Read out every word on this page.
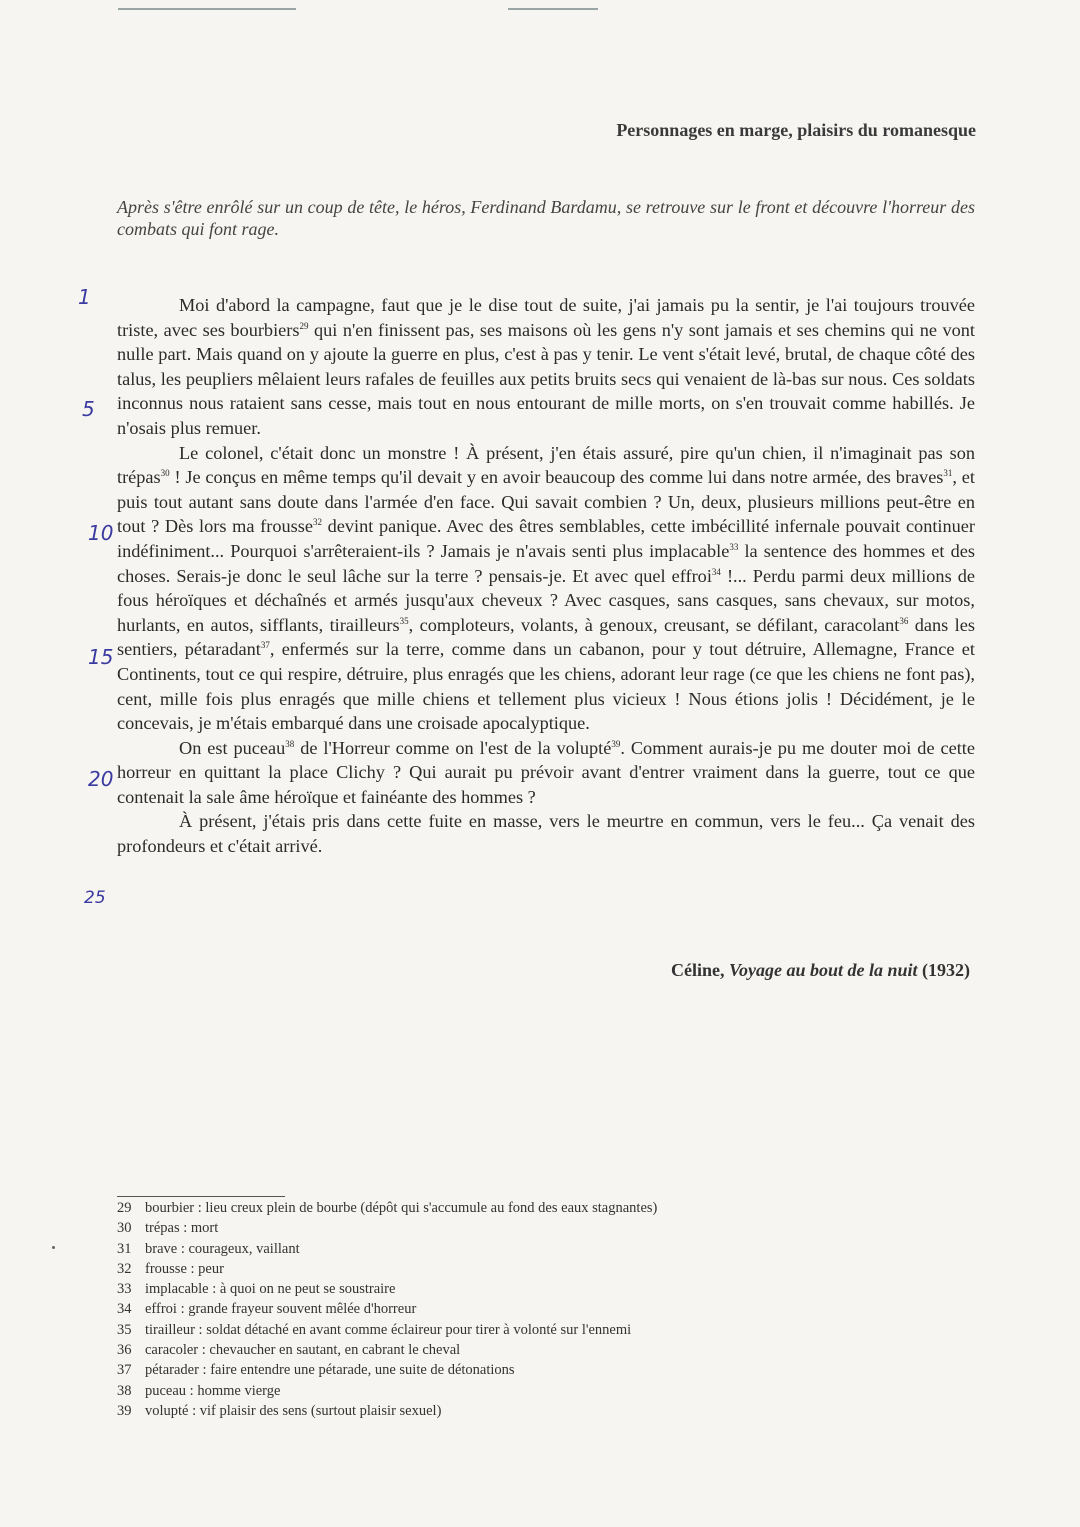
Personnages en marge, plaisirs du romanesque
Après s'être enrôlé sur un coup de tête, le héros, Ferdinand Bardamu, se retrouve sur le front et découvre l'horreur des combats qui font rage.
1
5
10
15
20
25

Moi d'abord la campagne, faut que je le dise tout de suite, j'ai jamais pu la sentir, je l'ai toujours trouvée triste, avec ses bourbiers$^{29}$ qui n'en finissent pas, ses maisons où les gens n'y sont jamais et ses chemins qui ne vont nulle part. Mais quand on y ajoute la guerre en plus, c'est à pas y tenir. Le vent s'était levé, brutal, de chaque côté des talus, les peupliers mêlaient leurs rafales de feuilles aux petits bruits secs qui venaient de là-bas sur nous. Ces soldats inconnus nous rataient sans cesse, mais tout en nous entourant de mille morts, on s'en trouvait comme habillés. Je n'osais plus remuer.

Le colonel, c'était donc un monstre ! À présent, j'en étais assuré, pire qu'un chien, il n'imaginait pas son trépas$^{30}$ ! Je conçus en même temps qu'il devait y en avoir beaucoup des comme lui dans notre armée, des braves$^{31}$, et puis tout autant sans doute dans l'armée d'en face. Qui savait combien ? Un, deux, plusieurs millions peut-être en tout ? Dès lors ma frousse$^{32}$ devint panique. Avec des êtres semblables, cette imbécillité infernale pouvait continuer indéfiniment... Pourquoi s'arrêteraient-ils ? Jamais je n'avais senti plus implacable$^{33}$ la sentence des hommes et des choses. Serais-je donc le seul lâche sur la terre ? pensais-je. Et avec quel effroi$^{34}$ !... Perdu parmi deux millions de fous héroïques et déchaînés et armés jusqu'aux cheveux ? Avec casques, sans casques, sans chevaux, sur motos, hurlants, en autos, sifflants, tirailleurs$^{35}$, comploteurs, volants, à genoux, creusant, se défilant, caracolant$^{36}$ dans les sentiers, pétaradant$^{37}$, enfermés sur la terre, comme dans un cabanon, pour y tout détruire, Allemagne, France et Continents, tout ce qui respire, détruire, plus enragés que les chiens, adorant leur rage (ce que les chiens ne font pas), cent, mille fois plus enragés que mille chiens et tellement plus vicieux ! Nous étions jolis ! Décidément, je le concevais, je m'étais embarqué dans une croisade apocalyptique.

On est puceau$^{38}$ de l'Horreur comme on l'est de la volupté$^{39}$. Comment aurais-je pu me douter moi de cette horreur en quittant la place Clichy ? Qui aurait pu prévoir avant d'entrer vraiment dans la guerre, tout ce que contenait la sale âme héroïque et fainéante des hommes ?

À présent, j'étais pris dans cette fuite en masse, vers le meurtre en commun, vers le feu... Ça venait des profondeurs et c'était arrivé.

Céline, Voyage au bout de la nuit (1932)
29 bourbier : lieu creux plein de bourbe (dépôt qui s'accumule au fond des eaux stagnantes)
30 trépas : mort
31 brave : courageux, vaillant
32 frousse : peur
33 implacable : à quoi on ne peut se soustraire
34 effroi : grande frayeur souvent mêlée d'horreur
35 tirailleur : soldat détaché en avant comme éclaireur pour tirer à volonté sur l'ennemi
36 caracoler : chevaucher en sautant, en cabrant le cheval
37 pétarader : faire entendre une pétarade, une suite de détonations
38 puceau : homme vierge
39 volupté : vif plaisir des sens (surtout plaisir sexuel)
